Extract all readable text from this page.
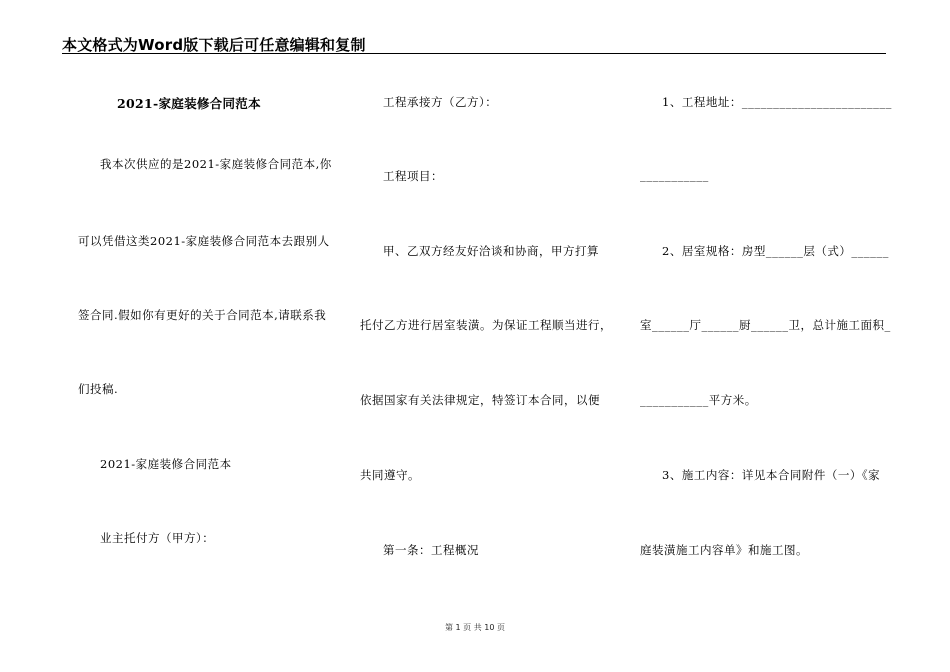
本文格式为Word版下载后可任意编辑和复制
2021-家庭装修合同范本
我本次供应的是2021-家庭装修合同范本,你
可以凭借这类2021-家庭装修合同范本去跟别人
签合同.假如你有更好的关于合同范本,请联系我
们投稿.
2021-家庭装修合同范本
业主托付方（甲方）：
工程承接方（乙方）：
工程项目：
甲、乙双方经友好洽谈和协商，甲方打算
托付乙方进行居室装潢。为保证工程顺当进行，
依据国家有关法律规定，特签订本合同，以便
共同遵守。
第一条：工程概况
1、工程地址：________________________
___________
2、居室规格：房型______层（式）______
室______厅______厨______卫，总计施工面积_
___________平方米。
3、施工内容：详见本合同附件（一）《家
庭装潢施工内容单》和施工图。
第 1 页 共 10 页
